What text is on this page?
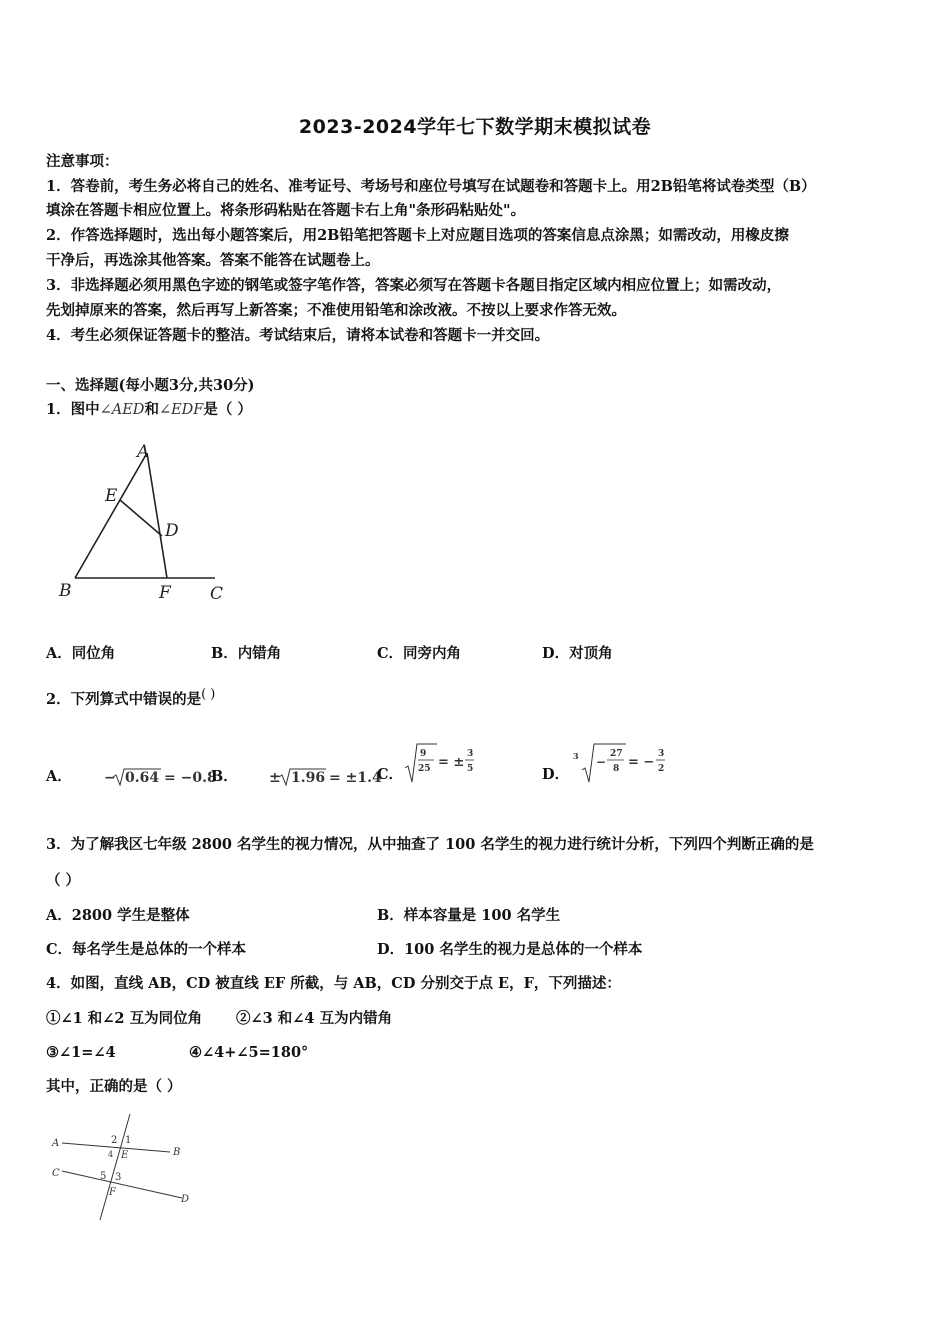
2023-2024学年七下数学期末模拟试卷
注意事项：
1．答卷前，考生务必将自己的姓名、准考证号、考场号和座位号填写在试题卷和答题卡上。用2B铅笔将试卷类型（B）
填涂在答题卡相应位置上。将条形码粘贴在答题卡右上角"条形码粘贴处"。
2．作答选择题时，选出每小题答案后，用2B铅笔把答题卡上对应题目选项的答案信息点涂黑；如需改动，用橡皮擦
干净后，再选涂其他答案。答案不能答在试题卷上。
3．非选择题必须用黑色字迹的钢笔或签字笔作答，答案必须写在答题卡各题目指定区域内相应位置上；如需改动，
先划掉原来的答案，然后再写上新答案；不准使用铅笔和涂改液。不按以上要求作答无效。
4．考生必须保证答题卡的整洁。考试结束后，请将本试卷和答题卡一并交回。
一、选择题(每小题3分,共30分)
1．图中∠AED和∠EDF是（ ）
A
E
D
B	F C
A．同位角	B．内错角	C．同旁内角	D．对顶角
2．下列算式中错误的是( )
A． − 0.64 = −0.8
B． ± 1.96 = ±1.4
C．
9
25 = ±
3
5	D．
3 −
27
8 = −
3
2
3．为了解我区七年级 2800 名学生的视力情况，从中抽查了 100 名学生的视力进行统计分析，下列四个判断正确的是
（ ）
A．2800 学生是整体	B．样本容量是 100 名学生
C．每名学生是总体的一个样本	D．100 名学生的视力是总体的一个样本
4．如图，直线 AB，CD 被直线 EF 所截，与 AB，CD 分别交于点 E，F，下列描述：
①∠1 和∠2 互为同位角 ②∠3 和∠4 互为内错角
③∠1=∠4	④∠4+∠5=180°
其中，正确的是（ ）
A
B
C
D
E
F
2 1
4
5 3
